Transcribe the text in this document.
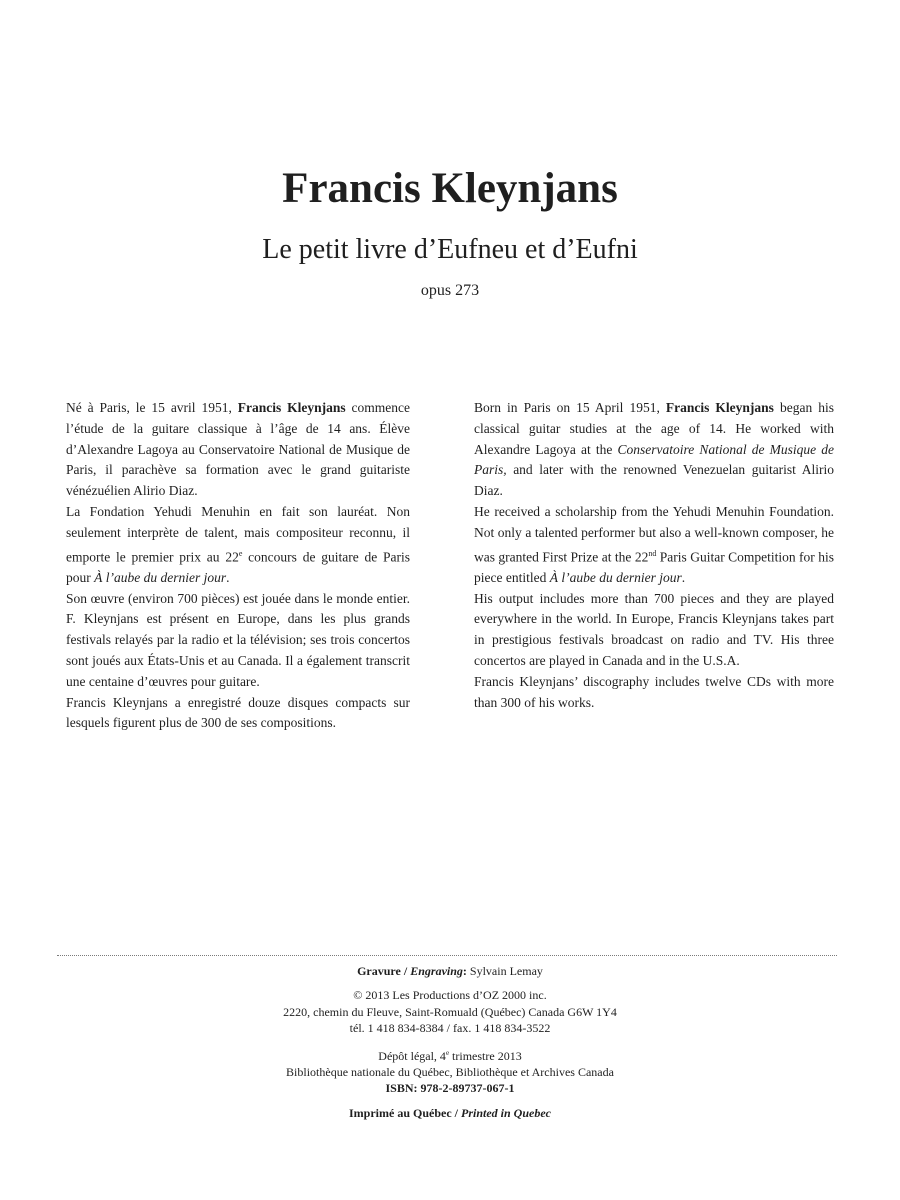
Francis Kleynjans
Le petit livre d’Eufneu et d’Eufni
opus 273

Né à Paris, le 15 avril 1951, Francis Kleynjans commence l’étude de la guitare classique à l’âge de 14 ans. Élève d’Alexandre Lagoya au Conservatoire National de Musique de Paris, il parachève sa formation avec le grand guitariste vénézuélien Alirio Diaz.

La Fondation Yehudi Menuhin en fait son lauréat. Non seulement interprète de talent, mais compositeur reconnu, il emporte le premier prix au 22e concours de guitare de Paris pour À l’aube du dernier jour.

Son œuvre (environ 700 pièces) est jouée dans le monde entier. F. Kleynjans est présent en Europe, dans les plus grands festivals relayés par la radio et la télévision; ses trois concertos sont joués aux États-Unis et au Canada. Il a également transcrit une centaine d’œuvres pour guitare.

Francis Kleynjans a enregistré douze disques compacts sur lesquels figurent plus de 300 de ses compositions.

Born in Paris on 15 April 1951, Francis Kleynjans began his classical guitar studies at the age of 14. He worked with Alexandre Lagoya at the Conservatoire National de Musique de Paris, and later with the renowned Venezuelan guitarist Alirio Diaz.

He received a scholarship from the Yehudi Menuhin Foundation. Not only a talented performer but also a well-known composer, he was granted First Prize at the 22nd Paris Guitar Competition for his piece entitled À l’aube du dernier jour.

His output includes more than 700 pieces and they are played everywhere in the world. In Europe, Francis Kleynjans takes part in prestigious festivals broadcast on radio and TV. His three concertos are played in Canada and in the U.S.A.

Francis Kleynjans’ discography includes twelve CDs with more than 300 of his works.

Gravure / Engraving: Sylvain Lemay
© 2013 Les Productions d’OZ 2000 inc.
2220, chemin du Fleuve, Saint-Romuald (Québec) Canada G6W 1Y4
tél. 1 418 834-8384 / fax. 1 418 834-3522
Dépôt légal, 4e trimestre 2013
Bibliothèque nationale du Québec, Bibliothèque et Archives Canada
ISBN: 978-2-89737-067-1
Imprimé au Québec / Printed in Quebec
